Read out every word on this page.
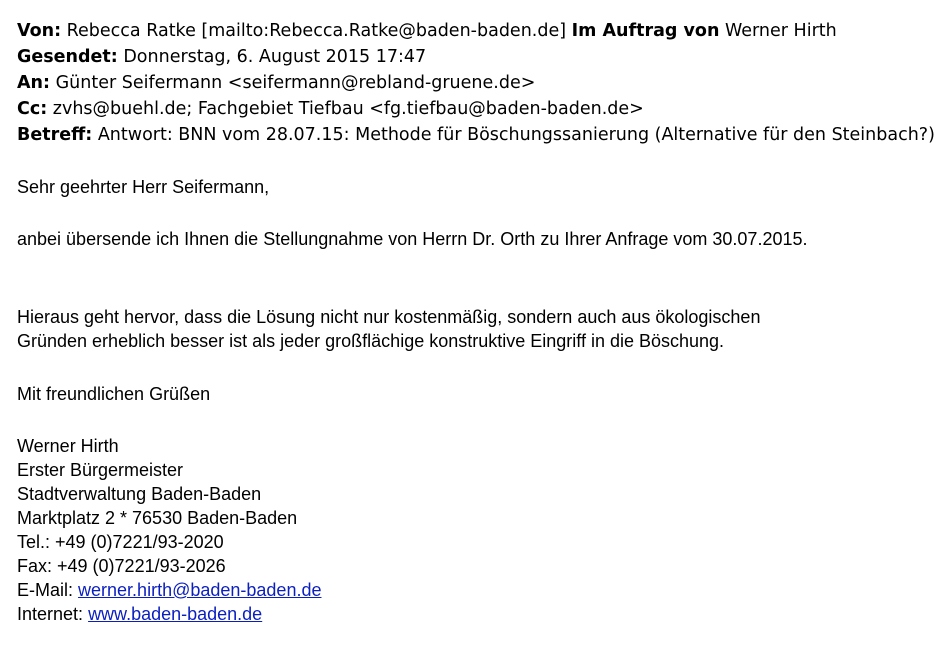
Von: Rebecca Ratke [mailto:Rebecca.Ratke@baden-baden.de] Im Auftrag von Werner Hirth
Gesendet: Donnerstag, 6. August 2015 17:47
An: Günter Seifermann <seifermann@rebland-gruene.de>
Cc: zvhs@buehl.de; Fachgebiet Tiefbau <fg.tiefbau@baden-baden.de>
Betreff: Antwort: BNN vom 28.07.15: Methode für Böschungssanierung (Alternative für den Steinbach?)
Sehr geehrter Herr Seifermann,
anbei übersende ich Ihnen die Stellungnahme von Herrn Dr. Orth zu Ihrer Anfrage vom 30.07.2015.
Hieraus geht hervor, dass die Lösung nicht nur kostenmäßig, sondern auch aus ökologischen
Gründen erheblich besser ist als jeder großflächige konstruktive Eingriff in die Böschung.
Mit freundlichen Grüßen
Werner Hirth
Erster Bürgermeister
Stadtverwaltung Baden-Baden
Marktplatz 2 * 76530 Baden-Baden
Tel.: +49 (0)7221/93-2020
Fax: +49 (0)7221/93-2026
E-Mail: werner.hirth@baden-baden.de
Internet: www.baden-baden.de
